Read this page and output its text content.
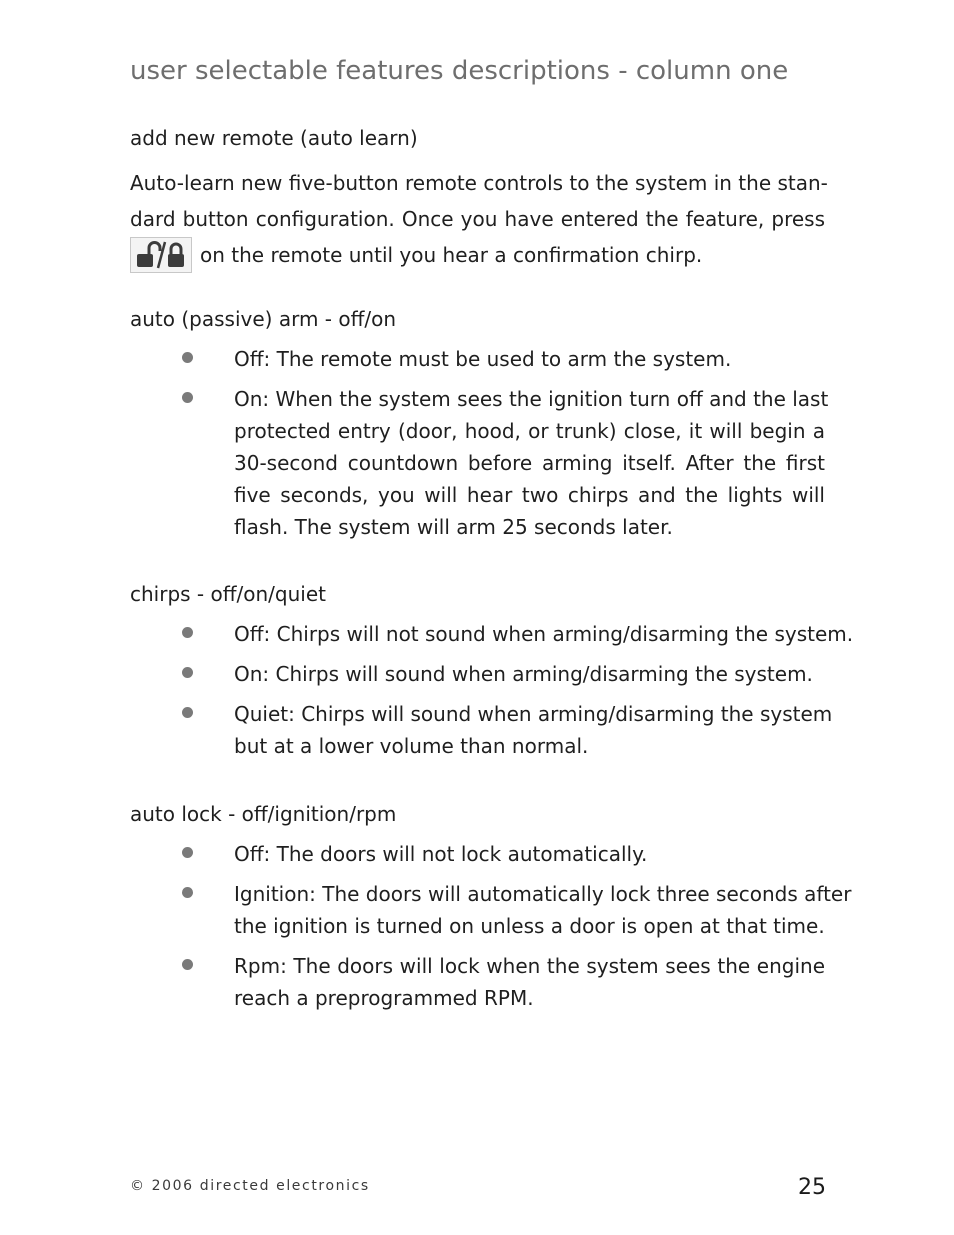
user selectable features descriptions - column one
add new remote (auto learn)
Auto-learn new five-button remote controls to the system in the stan-
dard button configuration. Once you have entered the feature, press
on the remote until you hear a confirmation chirp.
auto (passive) arm - off/on
Off: The remote must be used to arm the system.
On: When the system sees the ignition turn off and the last
protected entry (door, hood, or trunk) close, it will begin a
30-second countdown before arming itself. After the first
five seconds, you will hear two chirps and the lights will
flash. The system will arm 25 seconds later.
chirps - off/on/quiet
Off: Chirps will not sound when arming/disarming the system.
On: Chirps will sound when arming/disarming the system.
Quiet: Chirps will sound when arming/disarming the system
but at a lower volume than normal.
auto lock - off/ignition/rpm
Off: The doors will not lock automatically.
Ignition: The doors will automatically lock three seconds after
the ignition is turned on unless a door is open at that time.
Rpm: The doors will lock when the system sees the engine
reach a preprogrammed RPM.
© 2006 directed electronics	25
